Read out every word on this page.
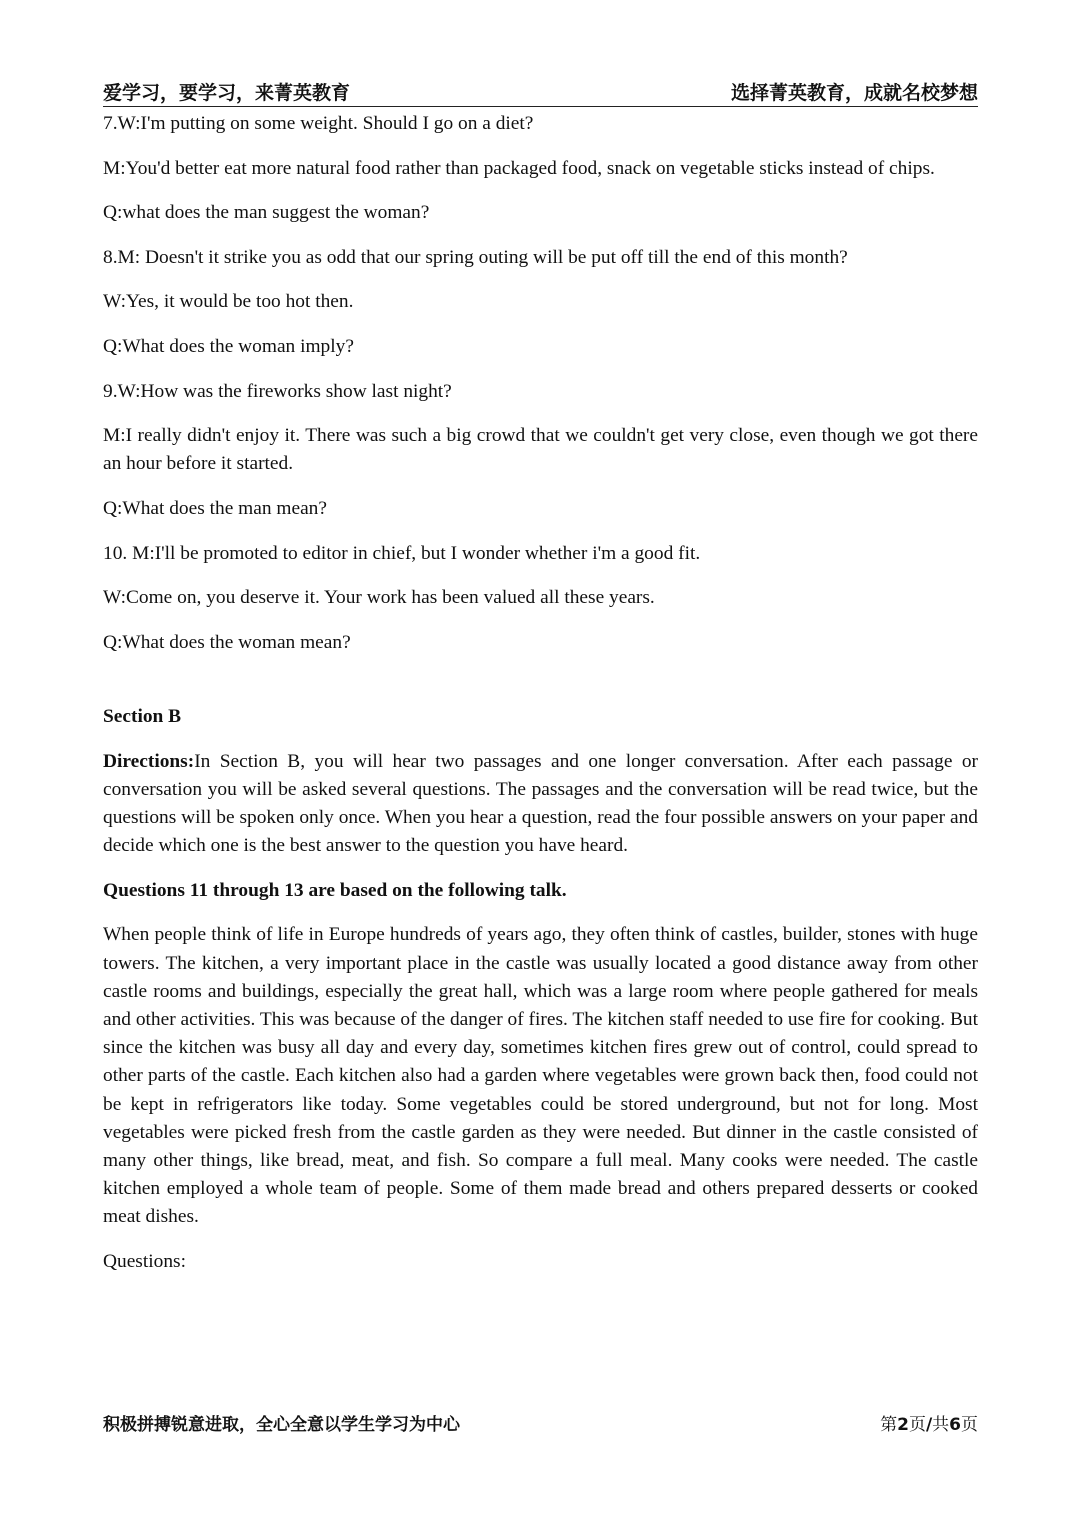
爱学习，要学习，来菁英教育	选择菁英教育，成就名校梦想

7.W:I'm putting on some weight. Should I go on a diet?

M:You'd better eat more natural food rather than packaged food, snack on vegetable sticks instead of chips.

Q:what does the man suggest the woman?

8.M: Doesn't it strike you as odd that our spring outing will be put off till the end of this month?

W:Yes, it would be too hot then.

Q:What does the woman imply?

9.W:How was the fireworks show last night?

M:I really didn't enjoy it. There was such a big crowd that we couldn't get very close, even though we got there an hour before it started.

Q:What does the man mean?

10. M:I'll be promoted to editor in chief, but I wonder whether i'm a good fit.

W:Come on, you deserve it. Your work has been valued all these years.

Q:What does the woman mean?

Section B

Directions:In Section B, you will hear two passages and one longer conversation. After each passage or conversation you will be asked several questions. The passages and the conversation will be read twice, but the questions will be spoken only once. When you hear a question, read the four possible answers on your paper and decide which one is the best answer to the question you have heard.

Questions 11 through 13 are based on the following talk.

When people think of life in Europe hundreds of years ago, they often think of castles, builder, stones with huge towers. The kitchen, a very important place in the castle was usually located a good distance away from other castle rooms and buildings, especially the great hall, which was a large room where people gathered for meals and other activities. This was because of the danger of fires. The kitchen staff needed to use fire for cooking. But since the kitchen was busy all day and every day, sometimes kitchen fires grew out of control, could spread to other parts of the castle. Each kitchen also had a garden where vegetables were grown back then, food could not be kept in refrigerators like today. Some vegetables could be stored underground, but not for long. Most vegetables were picked fresh from the castle garden as they were needed. But dinner in the castle consisted of many other things, like bread, meat, and fish. So compare a full meal. Many cooks were needed. The castle kitchen employed a whole team of people. Some of them made bread and others prepared desserts or cooked meat dishes.

Questions:

积极拼搏锐意进取，全心全意以学生学习为中心	第2页/共6页
